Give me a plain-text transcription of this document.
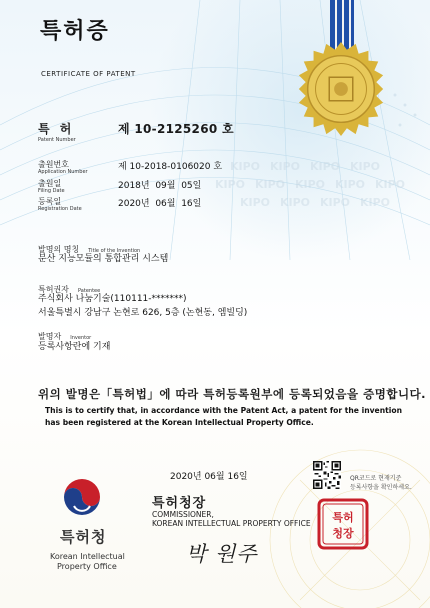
KIPO KIPO KIPO KIPO
KIPO KIPO KIPO KIPO KIPO
KIPO KIPO KIPO KIPO
특허증
CERTIFICATE OF PATENT
특 허
Patent Number
제 10-2125260 호
출원번호
Application Number	제 10-2018-0106020 호
출원일
Filing Date	2018년  09월  05일
등록일
Registration Date	2020년  06월  16일
발명의 명칭 Title of the Invention
분산 지능모듈의 통합관리 시스템
특허권자 Patentee
주식회사 나눔기술(110111-*******)
서울특별시 강남구 논현로 626, 5층 (논현동, 엠빌딩)
발명자 Inventor
등록사항란에 기재
위의 발명은「특허법」에 따라 특허등록원부에 등록되었음을 증명합니다.
This is to certify that, in accordance with the Patent Act, a patent for the invention
has been registered at the Korean Intellectual Property Office.
2020년 06월 16일	QR코드로 현재기준
등록사항을 확인하세요.
특허청장
COMMISSIONER,
KOREAN INTELLECTUAL PROPERTY OFFICE 특허
청장
박 원주
특허청
Korean Intellectual
Property Office
